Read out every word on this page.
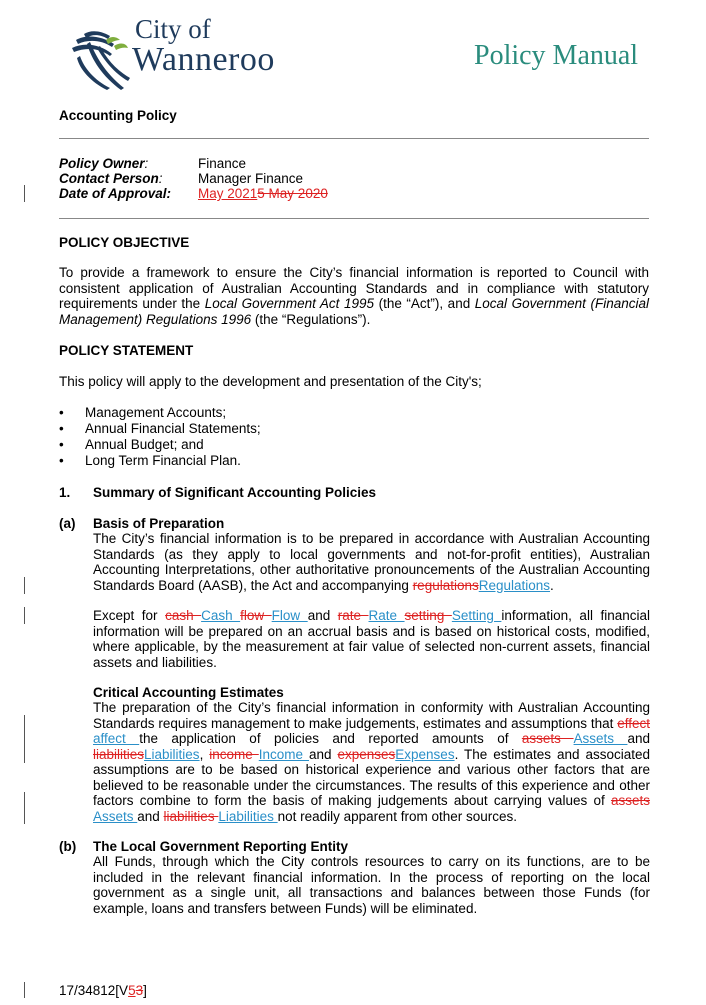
City of
Wanneroo	Policy Manual
Accounting Policy
Policy Owner:	Finance
Contact Person:	Manager Finance
Date of Approval: May 20215 May 2020
POLICY OBJECTIVE
To provide a framework to ensure the City’s financial information is reported to Council with consistent application of Australian Accounting Standards and in compliance with statutory requirements under the Local Government Act 1995 (the “Act”), and Local Government (Financial Management) Regulations 1996 (the “Regulations”).
POLICY STATEMENT
This policy will apply to the development and presentation of the City's;
• Management Accounts;
• Annual Financial Statements;
• Annual Budget; and
• Long Term Financial Plan.
1. Summary of Significant Accounting Policies
(a) Basis of Preparation
The City’s financial information is to be prepared in accordance with Australian Accounting Standards (as they apply to local governments and not-for-profit entities), Australian Accounting Interpretations, other authoritative pronouncements of the Australian Accounting Standards Board (AASB), the Act and accompanying regulationsRegulations.
Except for cash Cash flow Flow and rate Rate setting Setting information, all financial information will be prepared on an accrual basis and is based on historical costs, modified, where applicable, by the measurement at fair value of selected non-current assets, financial assets and liabilities.
Critical Accounting Estimates
The preparation of the City’s financial information in conformity with Australian Accounting Standards requires management to make judgements, estimates and assumptions that effect affect the application of policies and reported amounts of assets Assets and liabilitiesLiabilities, income Income and expensesExpenses. The estimates and associated assumptions are to be based on historical experience and various other factors that are believed to be reasonable under the circumstances. The results of this experience and other factors combine to form the basis of making judgements about carrying values of assets Assets and liabilities Liabilities not readily apparent from other sources.
(b) The Local Government Reporting Entity
All Funds, through which the City controls resources to carry on its functions, are to be included in the relevant financial information. In the process of reporting on the local government as a single unit, all transactions and balances between those Funds (for example, loans and transfers between Funds) will be eliminated.
17/34812[V53]
